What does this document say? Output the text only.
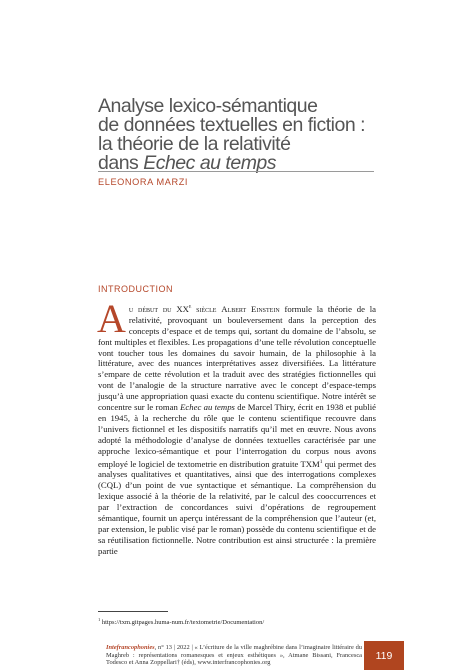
Analyse lexico-sémantique
de données textuelles en fiction :
la théorie de la relativité
dans Echec au temps
ELEONORA MARZI
INTRODUCTION
Au début du XXe siècle Albert Einstein formule la théorie de la relativité, provoquant un bouleversement dans la perception des concepts d’espace et de temps qui, sortant du domaine de l’absolu, se font multiples et flexibles. Les propagations d’une telle révolution conceptuelle vont toucher tous les domaines du savoir humain, de la philosophie à la littérature, avec des nuances interprétatives assez diversifiées. La littérature s’empare de cette révolution et la traduit avec des stratégies fictionnelles qui vont de l’analogie de la structure narrative avec le concept d’espace-temps jusqu’à une appropriation quasi exacte du contenu scientifique. Notre intérêt se concentre sur le roman Echec au temps de Marcel Thiry, écrit en 1938 et publié en 1945, à la recherche du rôle que le contenu scientifique recouvre dans l’univers fictionnel et les dispositifs narratifs qu’il met en œuvre. Nous avons adopté la méthodologie d’analyse de données textuelles caractérisée par une approche lexico-sémantique et pour l’interrogation du corpus nous avons employé le logiciel de textometrie en distribution gratuite TXM$^1$ qui permet des analyses qualitatives et quantitatives, ainsi que des interrogations complexes (CQL) d’un point de vue syntactique et sémantique. La compréhension du lexique associé à la théorie de la relativité, par le calcul des cooccurrences et par l’extraction de concordances suivi d’opérations de regroupement sémantique, fournit un aperçu intéressant de la compréhension que l’auteur (et, par extension, le public visé par le roman) possède du contenu scientifique et de sa réutilisation fictionnelle. Notre contribution est ainsi structurée : la première partie
$^1$ https://txm.gitpages.huma-num.fr/textometrie/Documentation/
Intefrancophonies, n° 13 | 2022 | « L’écriture de la ville maghrébine dans l’imaginaire littéraire du Maghreb : représentations romanesques et enjeux esthétiques », Atmane Bissani, Francesca Todesco et Anna Zoppellari† (éds), www.interfrancophonies.org
119
